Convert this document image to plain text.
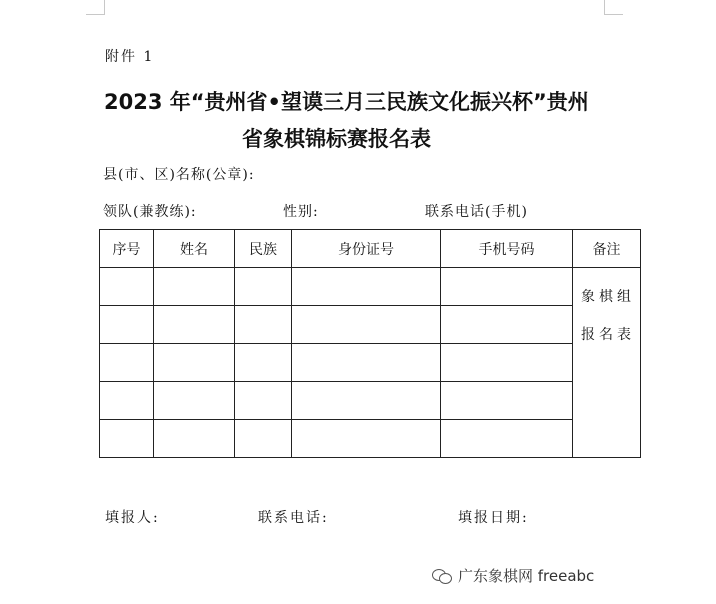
附件 1
2023 年“贵州省•望谟三月三民族文化振兴杯”贵州
省象棋锦标赛报名表
县(市、区)名称(公章):
领队(兼教练):	性别:	联系电话(手机)
序号	姓名	民族	身份证号	手机号码	备注

					象棋组
报名表

填报人:	联系电话:	填报日期:
广东象棋网 freeabc
